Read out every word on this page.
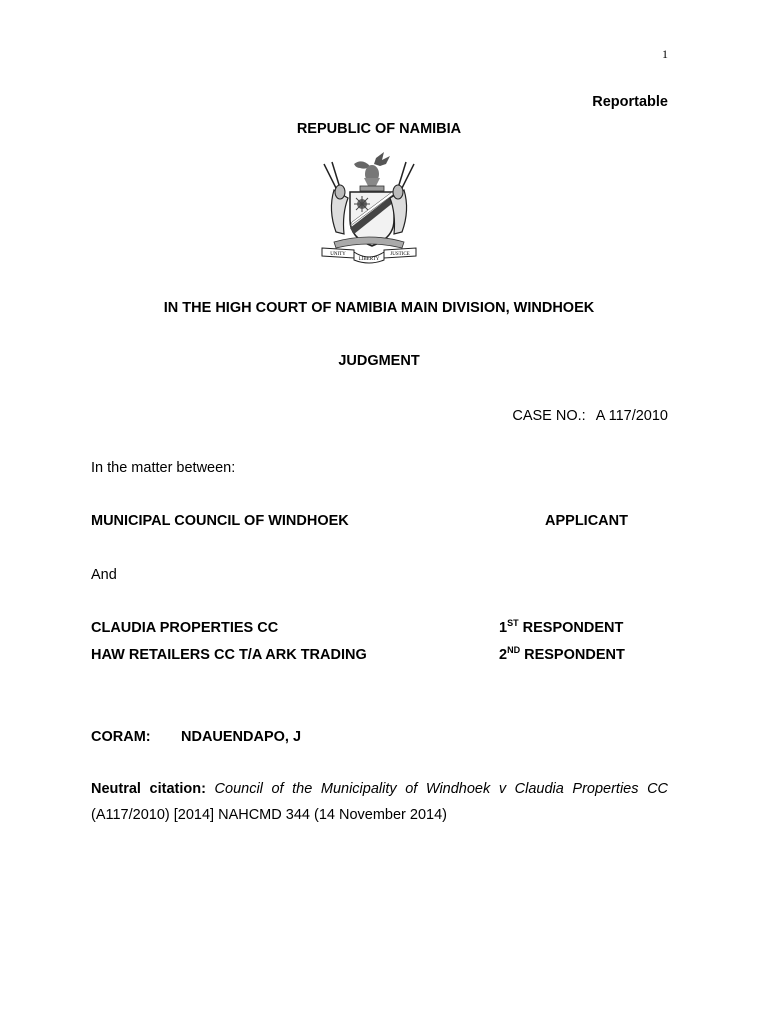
1
Reportable
REPUBLIC OF NAMIBIA
UNITY
LIBERTY
JUSTICE
IN THE HIGH COURT OF NAMIBIA MAIN DIVISION, WINDHOEK
JUDGMENT
CASE NO.: A 117/2010
In the matter between:
MUNICIPAL COUNCIL OF WINDHOEK	APPLICANT
And
CLAUDIA PROPERTIES CC	1ST RESPONDENT
HAW RETAILERS CC T/A ARK TRADING	2ND RESPONDENT
CORAM: NDAUENDAPO, J
Neutral citation: Council of the Municipality of Windhoek v Claudia Properties CC
(A117/2010) [2014] NAHCMD 344 (14 November 2014)
